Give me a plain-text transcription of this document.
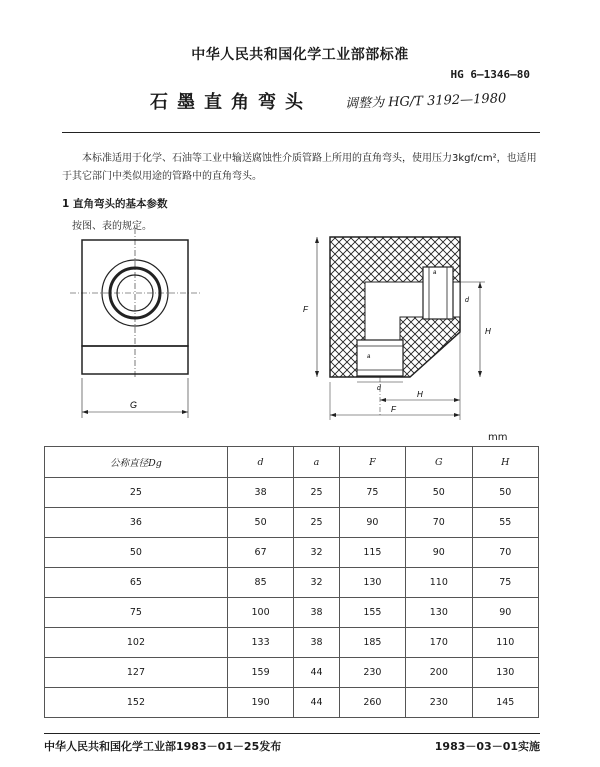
中华人民共和国化学工业部部标准
HG 6—1346—80
石墨直角弯头	调整为 HG/T 3192—1980
本标准适用于化学、石油等工业中输送腐蚀性介质管路上所用的直角弯头，使用压力3kgf/cm²，也适用于其它部门中类似用途的管路中的直角弯头。
1 直角弯头的基本参数
按图、表的规定。
G
a
d
a
F
H
d
H
F
mm
公称直径Dg	d	a	F	G	H
25	38	25	75	50	50
36	50	25	90	70	55
50	67	32	115	90	70
65	85	32	130	110	75
75	100	38	155	130	90
102	133	38	185	170	110
127	159	44	230	200	130
152	190	44	260	230	145
中华人民共和国化学工业部1983－01－25发布	1983－03－01实施
